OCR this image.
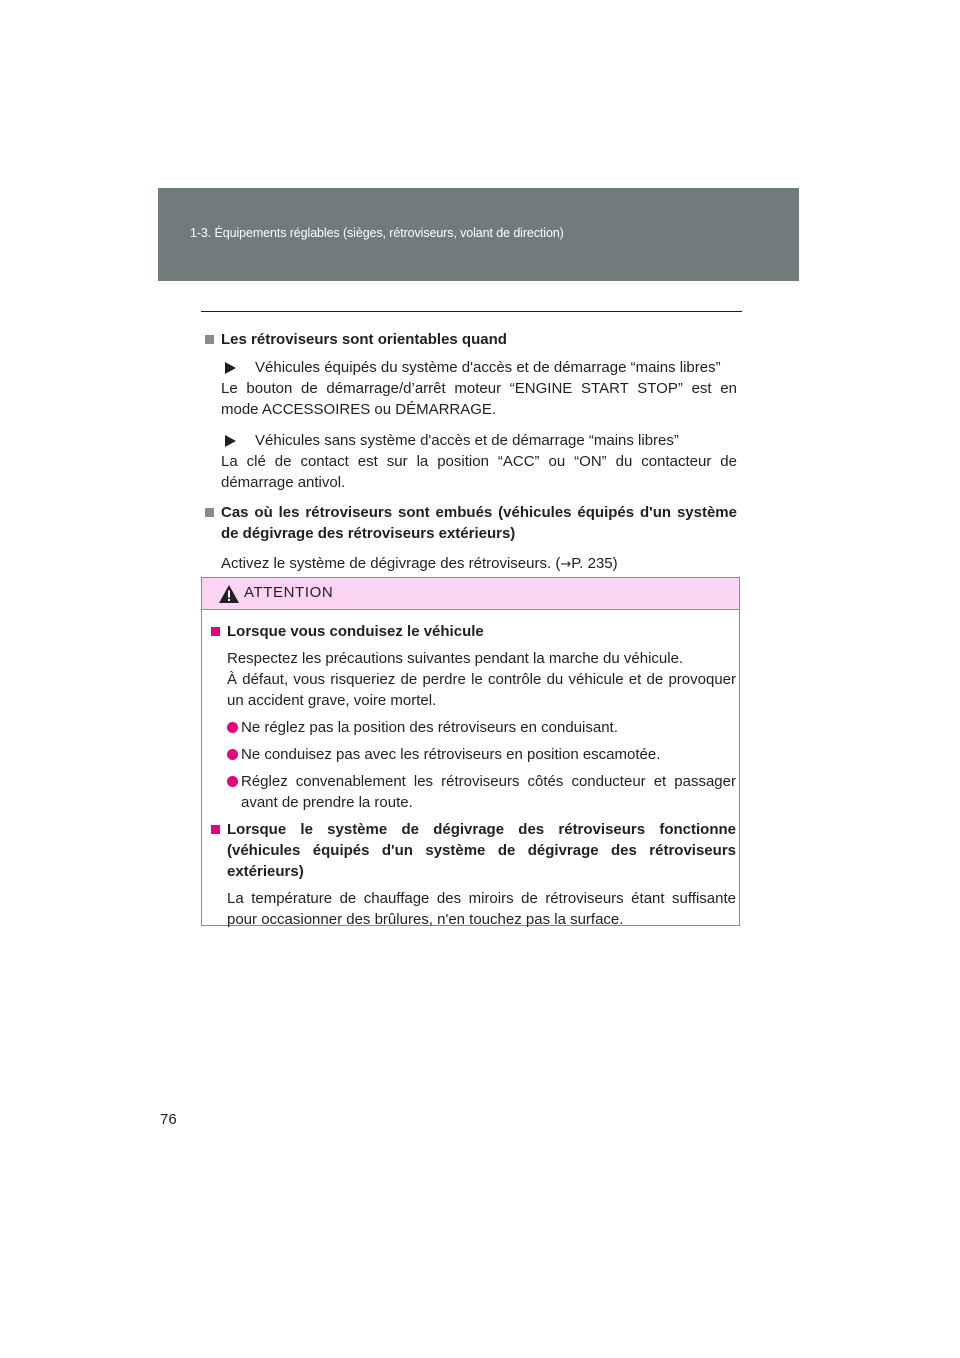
1-3. Équipements réglables (sièges, rétroviseurs, volant de direction)
Les rétroviseurs sont orientables quand
Véhicules équipés du système d'accès et de démarrage “mains libres”
Le bouton de démarrage/d’arrêt moteur “ENGINE START STOP” est en
mode ACCESSOIRES ou DÉMARRAGE.
Véhicules sans système d'accès et de démarrage “mains libres”
La clé de contact est sur la position “ACC” ou “ON” du contacteur de
démarrage antivol.
Cas où les rétroviseurs sont embués (véhicules équipés d'un système
de dégivrage des rétroviseurs extérieurs)
Activez le système de dégivrage des rétroviseurs. (→P. 235)
ATTENTION
Lorsque vous conduisez le véhicule
Respectez les précautions suivantes pendant la marche du véhicule.
À défaut, vous risqueriez de perdre le contrôle du véhicule et de provoquer
un accident grave, voire mortel.
Ne réglez pas la position des rétroviseurs en conduisant.
Ne conduisez pas avec les rétroviseurs en position escamotée.
Réglez convenablement les rétroviseurs côtés conducteur et passager
avant de prendre la route.
Lorsque le système de dégivrage des rétroviseurs fonctionne
(véhicules équipés d'un système de dégivrage des rétroviseurs
extérieurs)
La température de chauffage des miroirs de rétroviseurs étant suffisante
pour occasionner des brûlures, n'en touchez pas la surface.
76
